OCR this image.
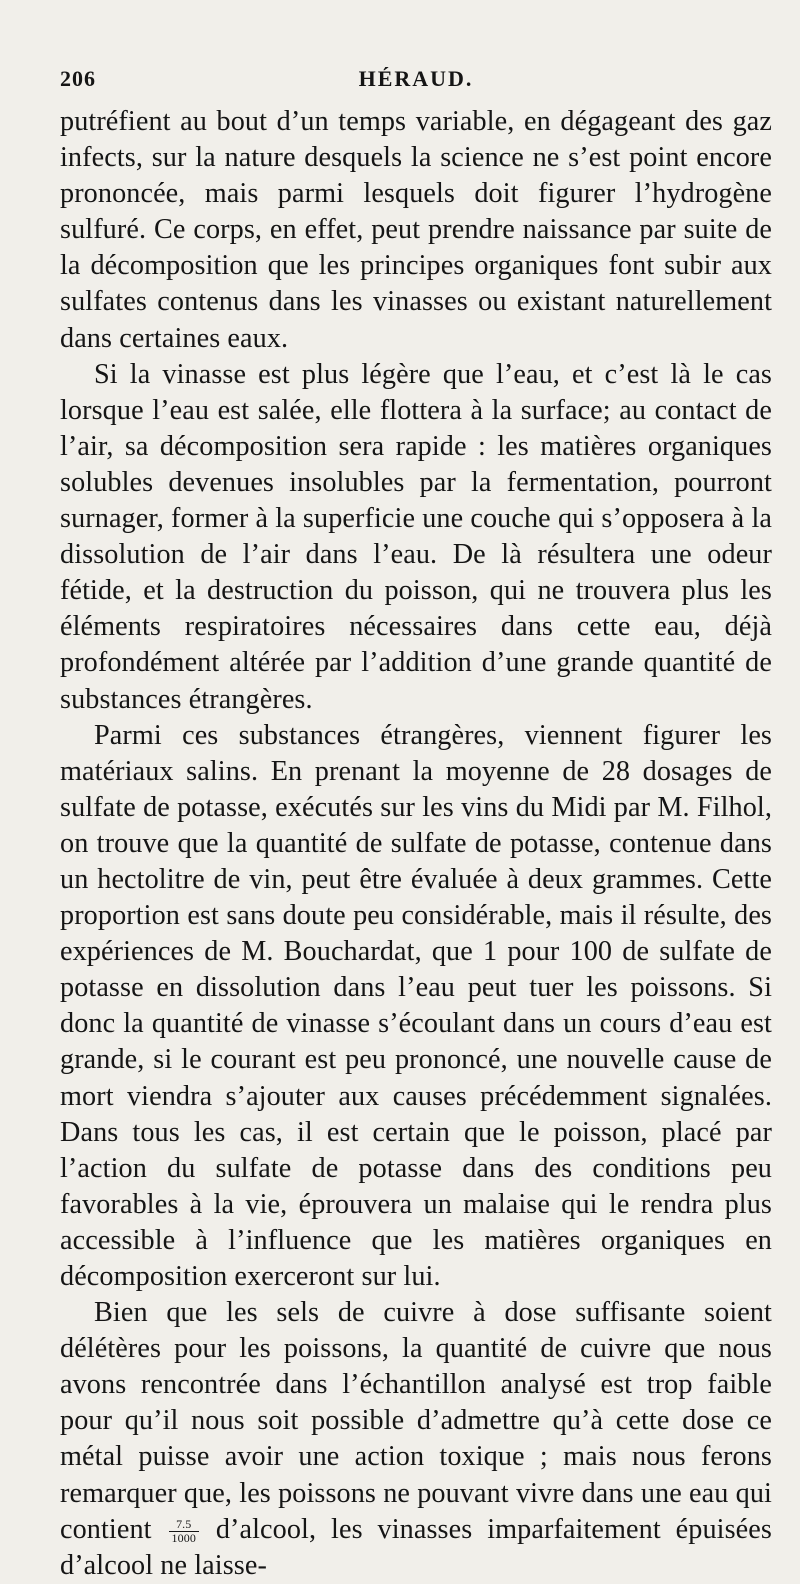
206	HÉRAUD.

putréfient au bout d’un temps variable, en dégageant des gaz infects, sur la nature desquels la science ne s’est point encore prononcée, mais parmi lesquels doit figurer l’hydrogène sulfuré. Ce corps, en effet, peut prendre naissance par suite de la décomposition que les principes organiques font subir aux sulfates contenus dans les vinasses ou existant naturellement dans certaines eaux.

Si la vinasse est plus légère que l’eau, et c’est là le cas lorsque l’eau est salée, elle flottera à la surface; au contact de l’air, sa décomposition sera rapide : les matières organiques solubles devenues insolubles par la fermentation, pourront surnager, former à la superficie une couche qui s’opposera à la dissolution de l’air dans l’eau. De là résultera une odeur fétide, et la destruction du poisson, qui ne trouvera plus les éléments respiratoires nécessaires dans cette eau, déjà profondément altérée par l’addition d’une grande quantité de substances étrangères.

Parmi ces substances étrangères, viennent figurer les matériaux salins. En prenant la moyenne de 28 dosages de sulfate de potasse, exécutés sur les vins du Midi par M. Filhol, on trouve que la quantité de sulfate de potasse, contenue dans un hectolitre de vin, peut être évaluée à deux grammes. Cette proportion est sans doute peu considérable, mais il résulte, des expériences de M. Bouchardat, que 1 pour 100 de sulfate de potasse en dissolution dans l’eau peut tuer les poissons. Si donc la quantité de vinasse s’écoulant dans un cours d’eau est grande, si le courant est peu prononcé, une nouvelle cause de mort viendra s’ajouter aux causes précédemment signalées. Dans tous les cas, il est certain que le poisson, placé par l’action du sulfate de potasse dans des conditions peu favorables à la vie, éprouvera un malaise qui le rendra plus accessible à l’influence que les matières organiques en décomposition exerceront sur lui.

Bien que les sels de cuivre à dose suffisante soient délétères pour les poissons, la quantité de cuivre que nous avons rencontrée dans l’échantillon analysé est trop faible pour qu’il nous soit possible d’admettre qu’à cette dose ce métal puisse avoir une action toxique ; mais nous ferons remarquer que, les poissons ne pouvant vivre dans une eau qui contient $\frac{7.5}{1000}$ d’alcool, les vinasses imparfaitement épuisées d’alcool ne laisse-
